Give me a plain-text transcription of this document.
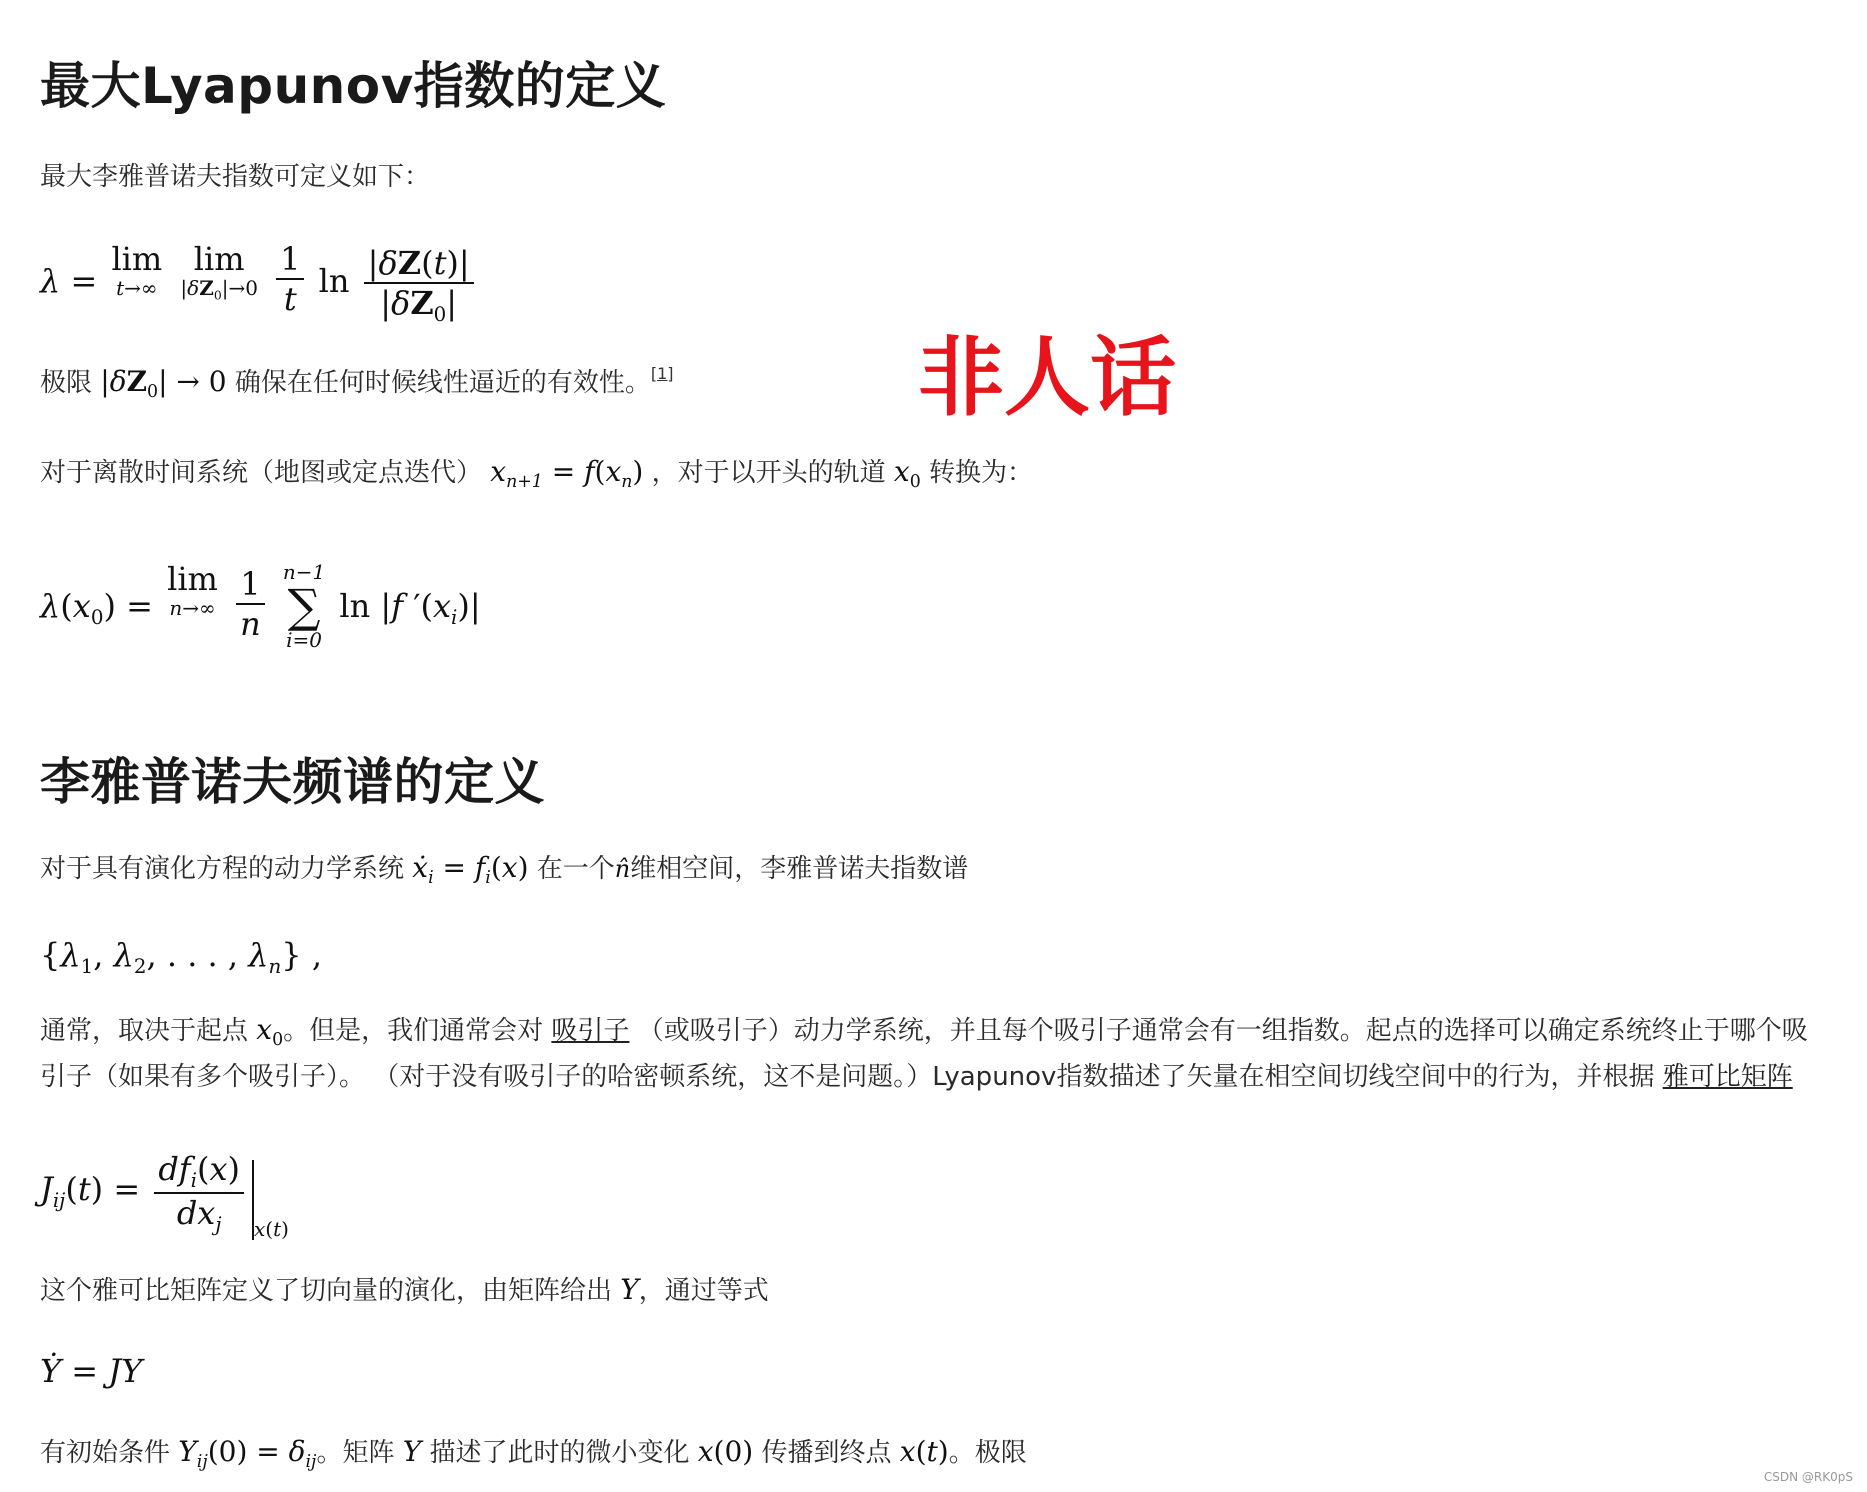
最大Lyapunov指数的定义
最大李雅普诺夫指数可定义如下：
λ = lim
t→∞
lim
$|\delta Z_0|\to 0$
$\frac{1}{t}$ $\ln \frac{|\delta Z(t)|}{|\delta Z_0|}$
非人话
极限 $|\delta Z_0| \to 0$ 确保在任何时候线性逼近的有效性。[1]
对于离散时间系统（地图或定点迭代） $x_{n+1} = f(x_n)$ ，对于以开头的轨道 $x_0$ 转换为：
$\lambda(x_0) = \lim$
n→∞
$\frac{1}{n}$
n−1
∑
i=0
ln |f $'(x_i)|$
李雅普诺夫频谱的定义
对于具有演化方程的动力学系统 ẋ$_i$ = $f_i(x)$ 在一个n̂维相空间，李雅普诺夫指数谱
{$\lambda_1$, $\lambda_2$, . . . , $\lambda_n$} ,
通常，取决于起点 $x_0$。但是，我们通常会对 吸引子 （或吸引子）动力学系统，并且每个吸引子通常会有一组指数。起点的选择可以确定系统终止于哪个吸
引子（如果有多个吸引子）。 （对于没有吸引子的哈密顿系统，这不是问题。）Lyapunov指数描述了矢量在相空间切线空间中的行为，并根据 雅可比矩阵
$J_{ij}(t) = \frac{df_i(x)}{dx_j} _{x(t)}$
这个雅可比矩阵定义了切向量的演化，由矩阵给出 Y，通过等式
Ẏ = JY
有初始条件 $Y_{ij}(0) = \delta_{ij}$。矩阵 Y 描述了此时的微小变化 x(0) 传播到终点 x(t)。极限
CSDN @RK0pS
